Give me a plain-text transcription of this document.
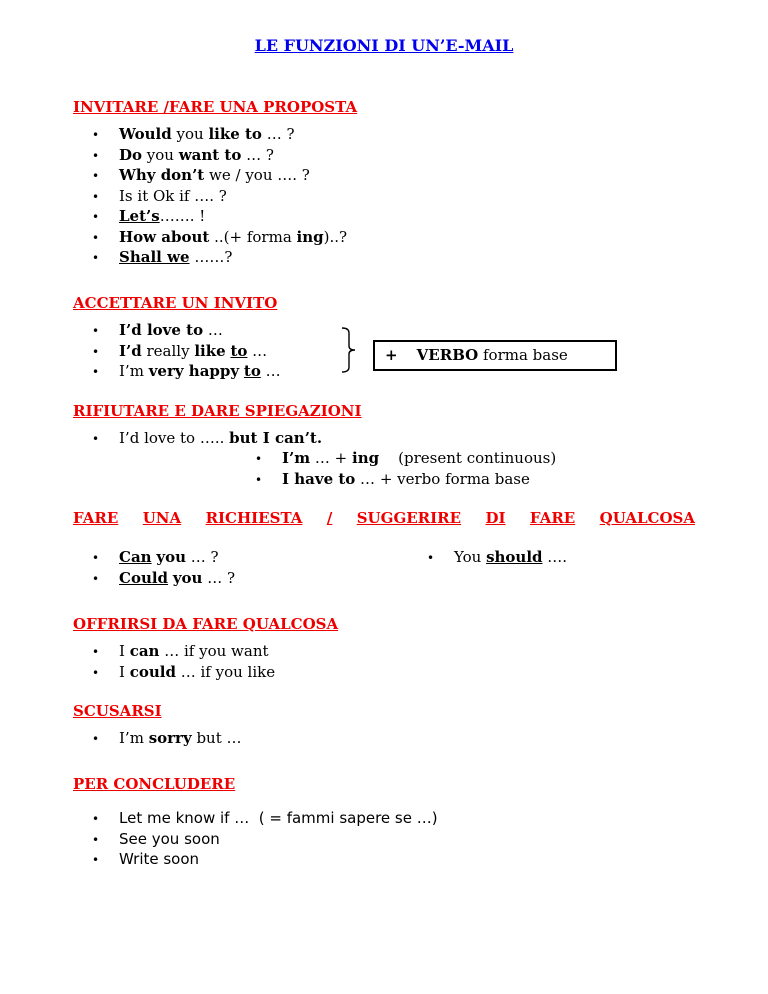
LE FUNZIONI DI UN’E-MAIL
INVITARE /FARE UNA PROPOSTA
• Would you like to … ?
• Do you want to … ?
• Why don’t we / you …. ?
• Is it Ok if …. ?
• Let’s……. !
• How about ..(+ forma ing)..?
• Shall we ……?
ACCETTARE UN INVITO
• I’d love to …
• I’d really like to …
• I’m very happy to …
+ VERBO forma base
RIFIUTARE E DARE SPIEGAZIONI
• I’d love to ….. but I can’t.
• I’m … + ing    (present continuous)
• I have to … + verbo forma base
FARE UNA RICHIESTA / SUGGERIRE DI FARE QUALCOSA
• Can you … ?
• Could you … ?
• You should ….
OFFRIRSI DA FARE QUALCOSA
• I can … if you want
• I could … if you like
SCUSARSI
• I’m sorry but …
PER CONCLUDERE
• Let me know if …  ( = fammi sapere se …)
• See you soon
• Write soon
